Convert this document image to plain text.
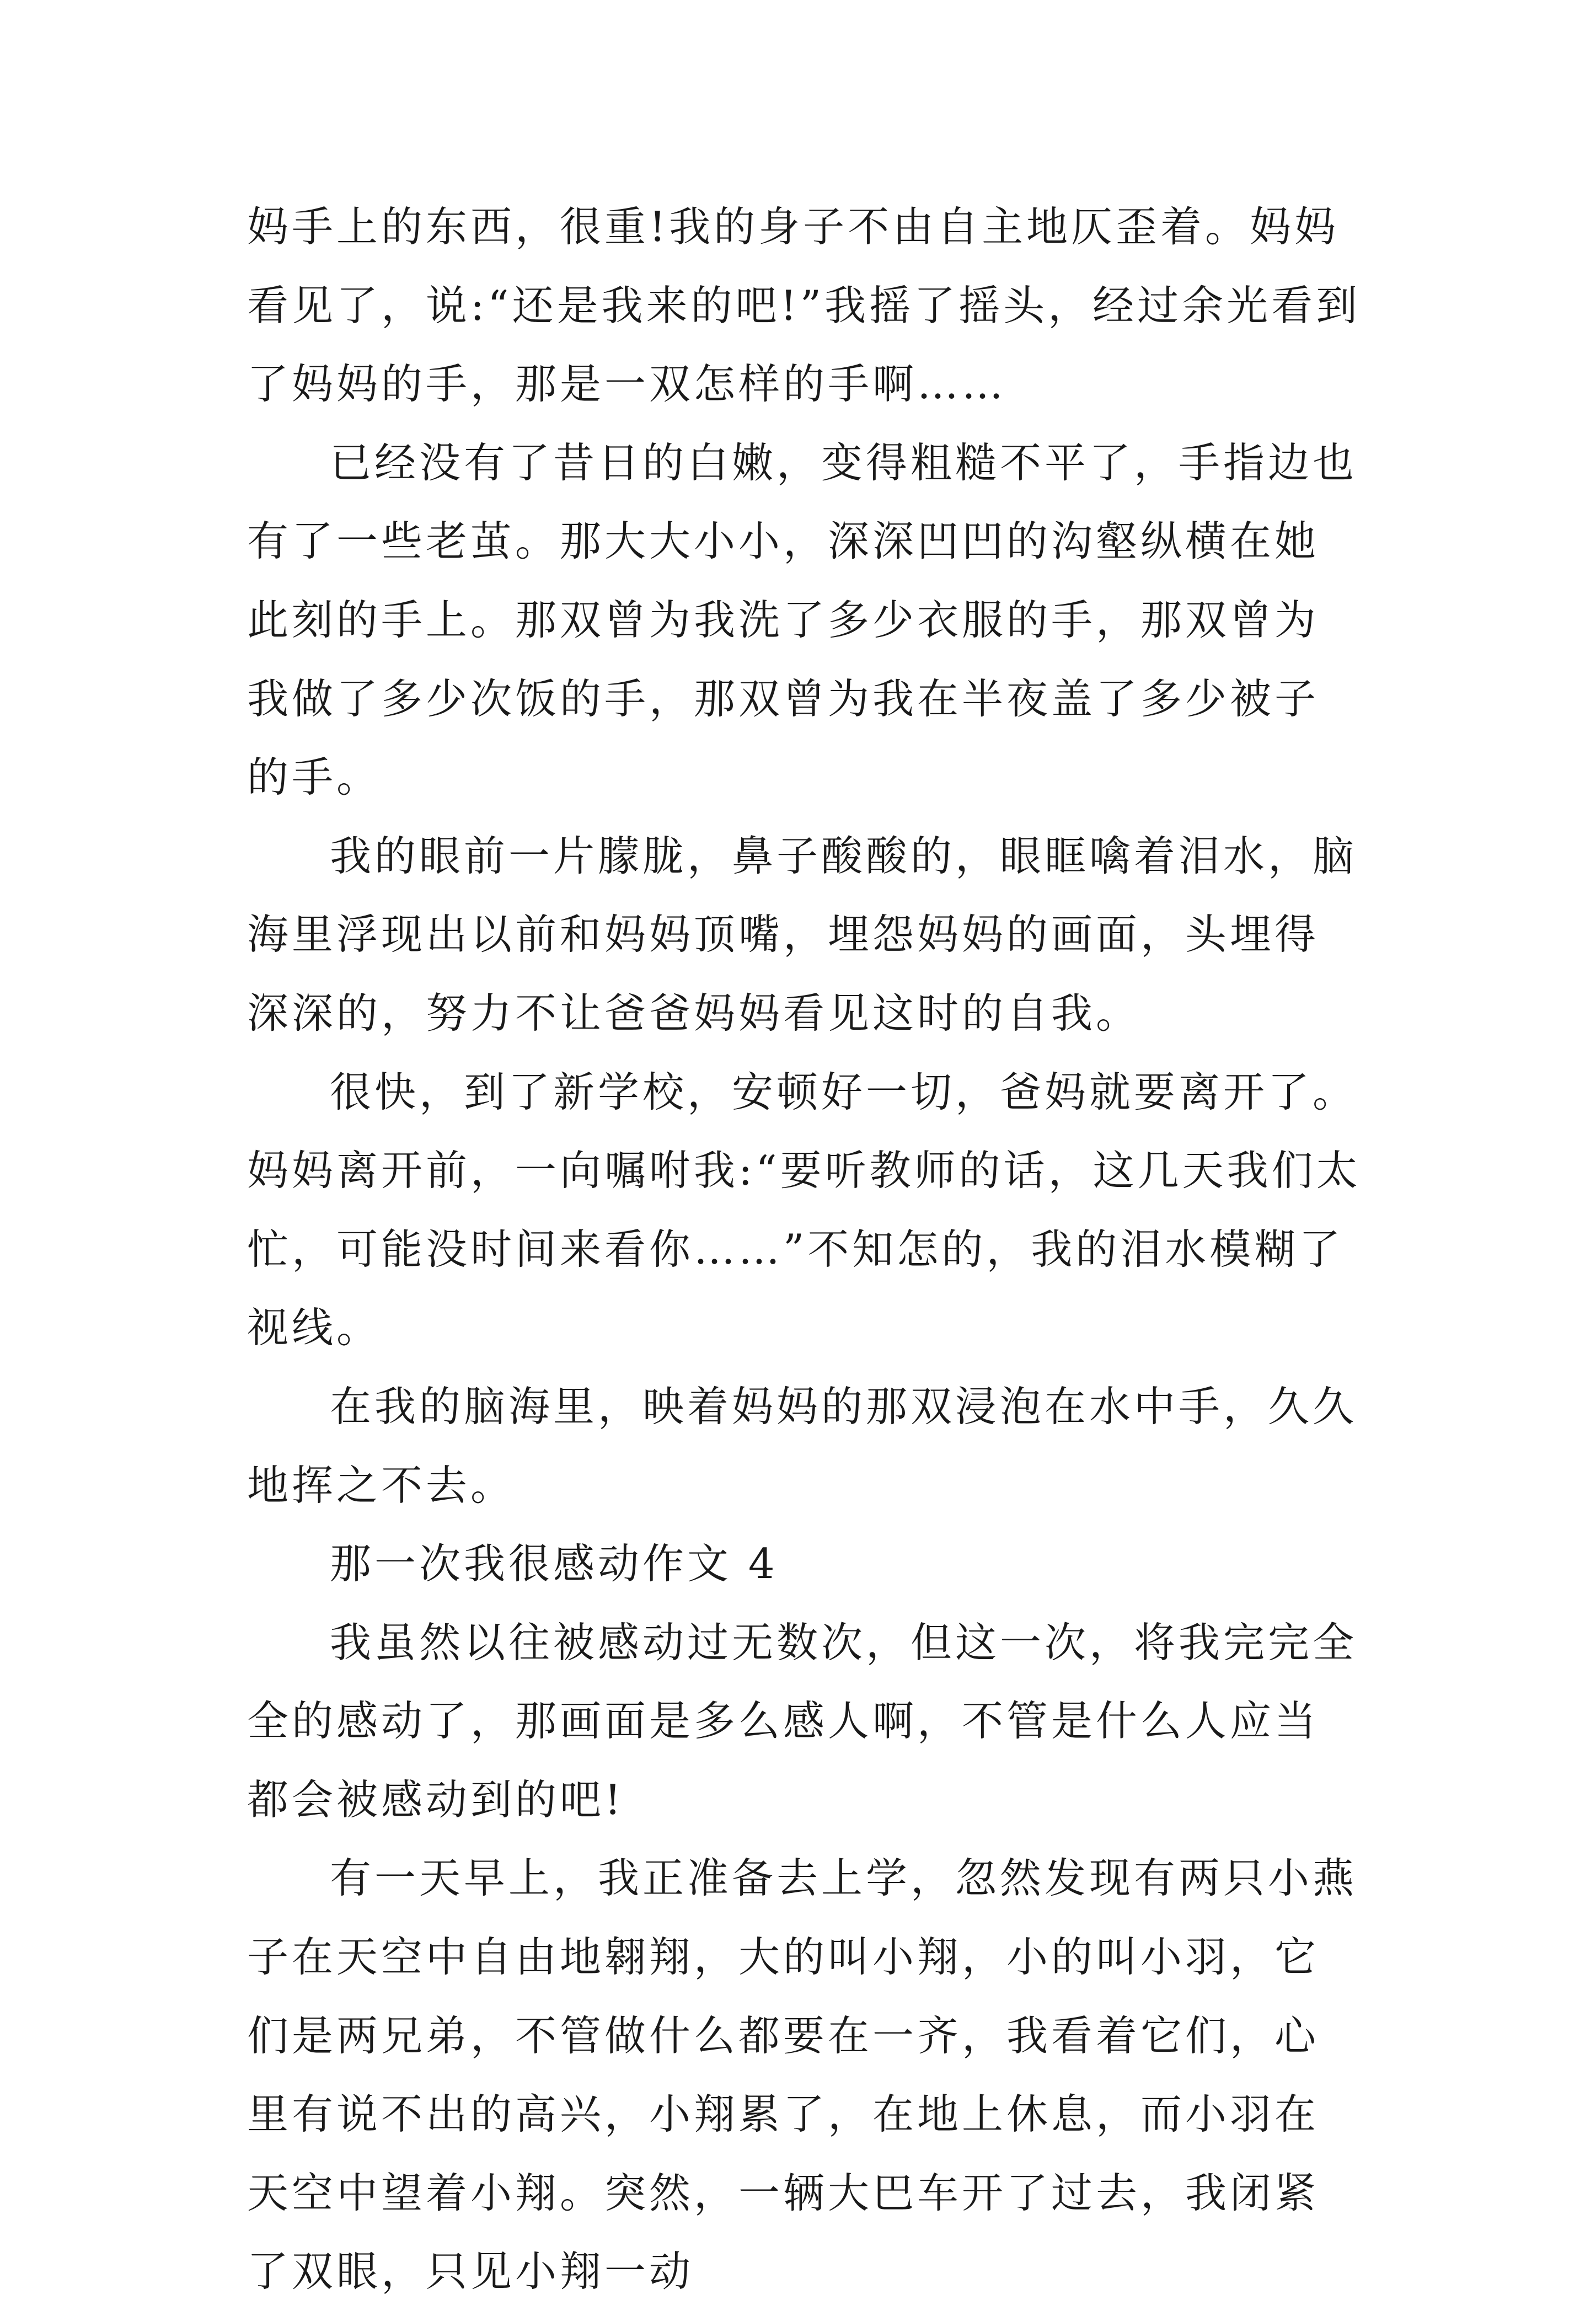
妈手上的东西，很重!我的身子不由自主地仄歪着。妈妈看见了，说:“还是我来的吧!”我摇了摇头，经过余光看到了妈妈的手，那是一双怎样的手啊……

已经没有了昔日的白嫩，变得粗糙不平了，手指边也有了一些老茧。那大大小小，深深凹凹的沟壑纵横在她此刻的手上。那双曾为我洗了多少衣服的手，那双曾为我做了多少次饭的手，那双曾为我在半夜盖了多少被子的手。

我的眼前一片朦胧，鼻子酸酸的，眼眶噙着泪水，脑海里浮现出以前和妈妈顶嘴，埋怨妈妈的画面，头埋得深深的，努力不让爸爸妈妈看见这时的自我。

很快，到了新学校，安顿好一切，爸妈就要离开了。妈妈离开前，一向嘱咐我:“要听教师的话，这几天我们太忙，可能没时间来看你……”不知怎的，我的泪水模糊了视线。

在我的脑海里，映着妈妈的那双浸泡在水中手，久久地挥之不去。

那一次我很感动作文 4

我虽然以往被感动过无数次，但这一次，将我完完全全的感动了，那画面是多么感人啊，不管是什么人应当都会被感动到的吧!

有一天早上，我正准备去上学，忽然发现有两只小燕子在天空中自由地翱翔，大的叫小翔，小的叫小羽，它们是两兄弟，不管做什么都要在一齐，我看着它们，心里有说不出的高兴，小翔累了，在地上休息，而小羽在天空中望着小翔。突然，一辆大巴车开了过去，我闭紧了双眼，只见小翔一动
